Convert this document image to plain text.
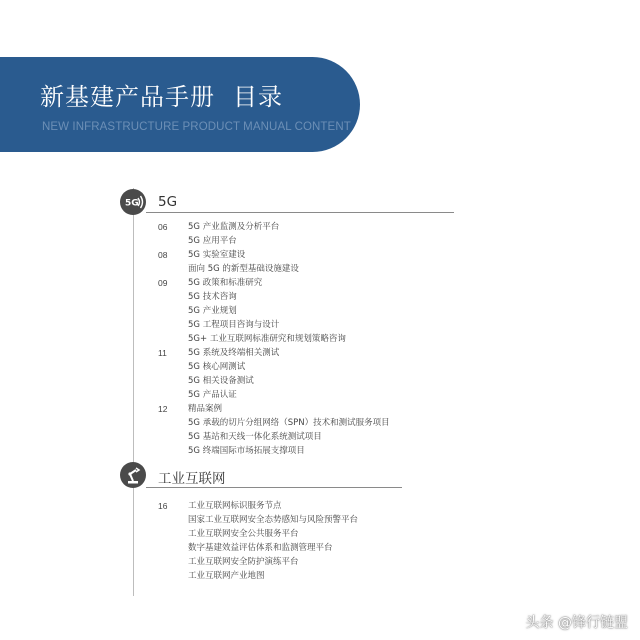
新基建产品手册 目录
NEW INFRASTRUCTURE PRODUCT MANUAL CONTENT
5G 5G
06 5G 产业监测及分析平台
5G 应用平台
08 5G 实验室建设
面向 5G 的新型基础设施建设
09 5G 政策和标准研究
5G 技术咨询
5G 产业规划
5G 工程项目咨询与设计
5G+ 工业互联网标准研究和规划策略咨询
11 5G 系统及终端相关测试
5G 核心网测试
5G 相关设备测试
5G 产品认证
12 精品案例
5G 承载的切片分组网络（SPN）技术和测试服务项目
5G 基站和天线一体化系统测试项目
5G 终端国际市场拓展支撑项目
工业互联网
16 工业互联网标识服务节点
国家工业互联网安全态势感知与风险预警平台
工业互联网安全公共服务平台
数字基建效益评估体系和监测管理平台
工业互联网安全防护演练平台
工业互联网产业地图
头条 @锋行链盟
